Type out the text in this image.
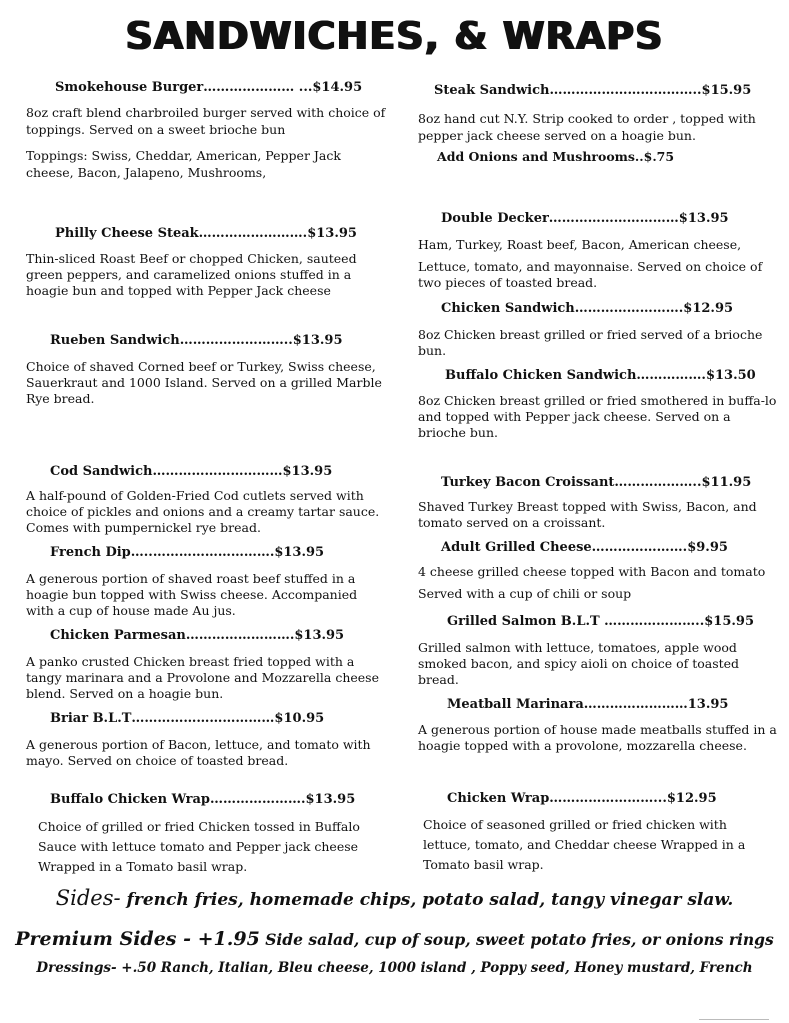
SANDWICHES, & WRAPS
Smokehouse Burger………………… ...$14.95

8oz craft blend charbroiled burger served with choice of toppings. Served on a sweet brioche bun

Toppings: Swiss, Cheddar, American, Pepper Jack cheese, Bacon, Jalapeno, Mushrooms,

Steak Sandwich……………………………..$15.95

8oz hand cut N.Y. Strip cooked to order , topped with pepper jack cheese served on a hoagie bun.

Add Onions and Mushrooms..$.75

Philly Cheese Steak…………………….$13.95
Thin-sliced Roast Beef or chopped Chicken, sauteed green peppers, and caramelized onions stuffed in a hoagie bun and topped with Pepper Jack cheese
Double Decker…………………………$13.95

Ham, Turkey, Roast beef, Bacon, American cheese,

Lettuce, tomato, and mayonnaise. Served on choice of two pieces of toasted bread.

Chicken Sandwich…………………….$12.95
8oz Chicken breast grilled or fried served of a brioche bun.
Rueben Sandwich……………………..$13.95
Choice of shaved Corned beef or Turkey, Swiss cheese, Sauerkraut and 1000 Island. Served on a grilled Marble Rye bread.
Buffalo Chicken Sandwich…………….$13.50
8oz Chicken breast grilled or fried smothered in buffa-lo and topped with Pepper jack cheese. Served on a brioche bun.
Cod Sandwich…………………………$13.95
A half-pound of Golden-Fried Cod cutlets served with choice of pickles and onions and a creamy tartar sauce. Comes with pumpernickel rye bread.
Turkey Bacon Croissant………………..$11.95
Shaved Turkey Breast topped with Swiss, Bacon, and tomato served on a croissant.
French Dip…..……………………….$13.95
A generous portion of shaved roast beef stuffed in a hoagie bun topped with Swiss cheese. Accompanied with a cup of house made Au jus.
Adult Grilled Cheese………………….$9.95

4 cheese grilled cheese topped with Bacon and tomato

Served with a cup of chili or soup

Grilled Salmon B.L.T …………………..$15.95
Grilled salmon with lettuce, tomatoes, apple wood smoked bacon, and spicy aioli on choice of toasted bread.
Chicken Parmesan…………………….$13.95
A panko crusted Chicken breast fried topped with a tangy marinara and a Provolone and Mozzarella cheese blend. Served on a hoagie bun.
Meatball Marinara……………………13.95
A generous portion of house made meatballs stuffed in a hoagie topped with a provolone, mozzarella cheese.
Briar B.L.T……………………………$10.95
A generous portion of Bacon, lettuce, and tomato with mayo. Served on choice of toasted bread.
Buffalo Chicken Wrap………………….$13.95
Choice of grilled or fried Chicken tossed in Buffalo Sauce with lettuce tomato and Pepper jack cheese Wrapped in a Tomato basil wrap.
Chicken Wrap……………………...$12.95
Choice of seasoned grilled or fried chicken with lettuce, tomato, and Cheddar cheese Wrapped in a Tomato basil wrap.
Sides- french fries, homemade chips, potato salad, tangy vinegar slaw.
Premium Sides - +1.95 Side salad, cup of soup, sweet potato fries, or onions rings
Dressings- +.50 Ranch, Italian, Bleu cheese, 1000 island , Poppy seed, Honey mustard, French
